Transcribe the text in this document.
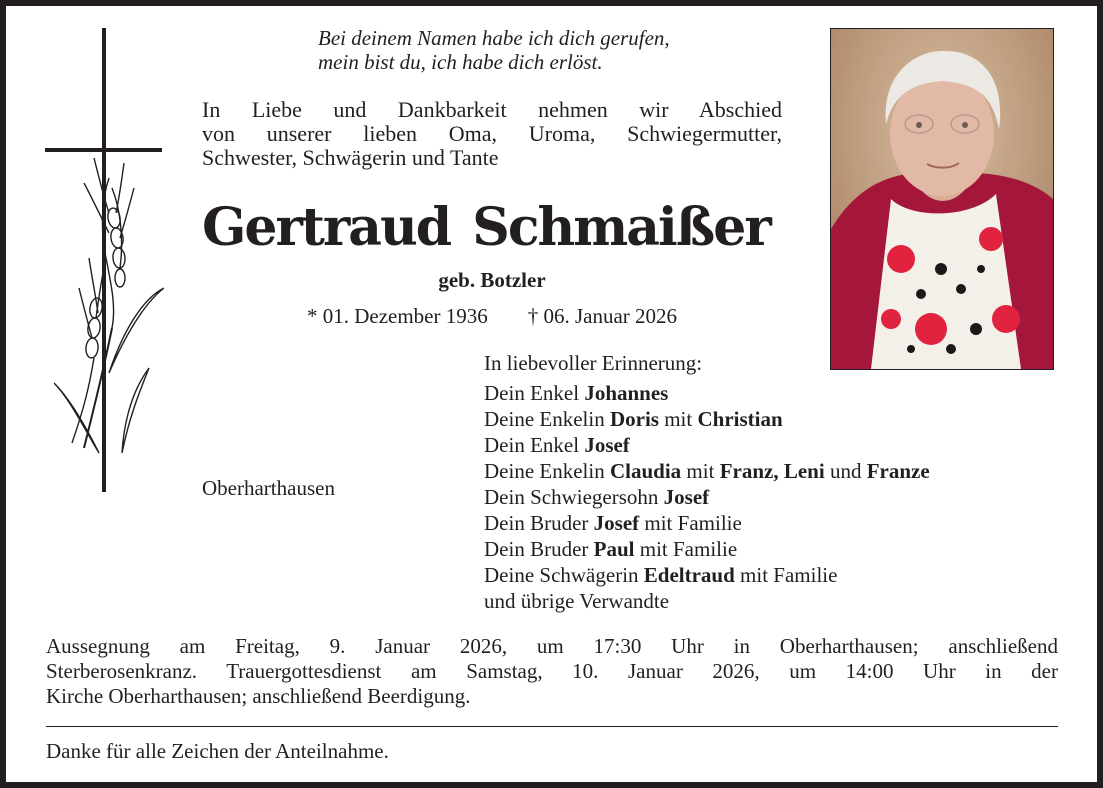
Bei deinem Namen habe ich dich gerufen,
mein bist du, ich habe dich erlöst.
In Liebe und Dankbarkeit nehmen wir Abschied
von unserer lieben Oma, Uroma, Schwiegermutter,
Schwester, Schwägerin und Tante
Gertraud Schmaißer
geb. Botzler
* 01. Dezember 1936 † 06. Januar 2026
Oberharthausen
In liebevoller Erinnerung:
Dein Enkel Johannes
Deine Enkelin Doris mit Christian
Dein Enkel Josef
Deine Enkelin Claudia mit Franz, Leni und Franze
Dein Schwiegersohn Josef
Dein Bruder Josef mit Familie
Dein Bruder Paul mit Familie
Deine Schwägerin Edeltraud mit Familie
und übrige Verwandte
Aussegnung am Freitag, 9. Januar 2026, um 17:30 Uhr in Oberharthausen; anschließend
Sterberosenkranz. Trauergottesdienst am Samstag, 10. Januar 2026, um 14:00 Uhr in der
Kirche Oberharthausen; anschließend Beerdigung.
Danke für alle Zeichen der Anteilnahme.
